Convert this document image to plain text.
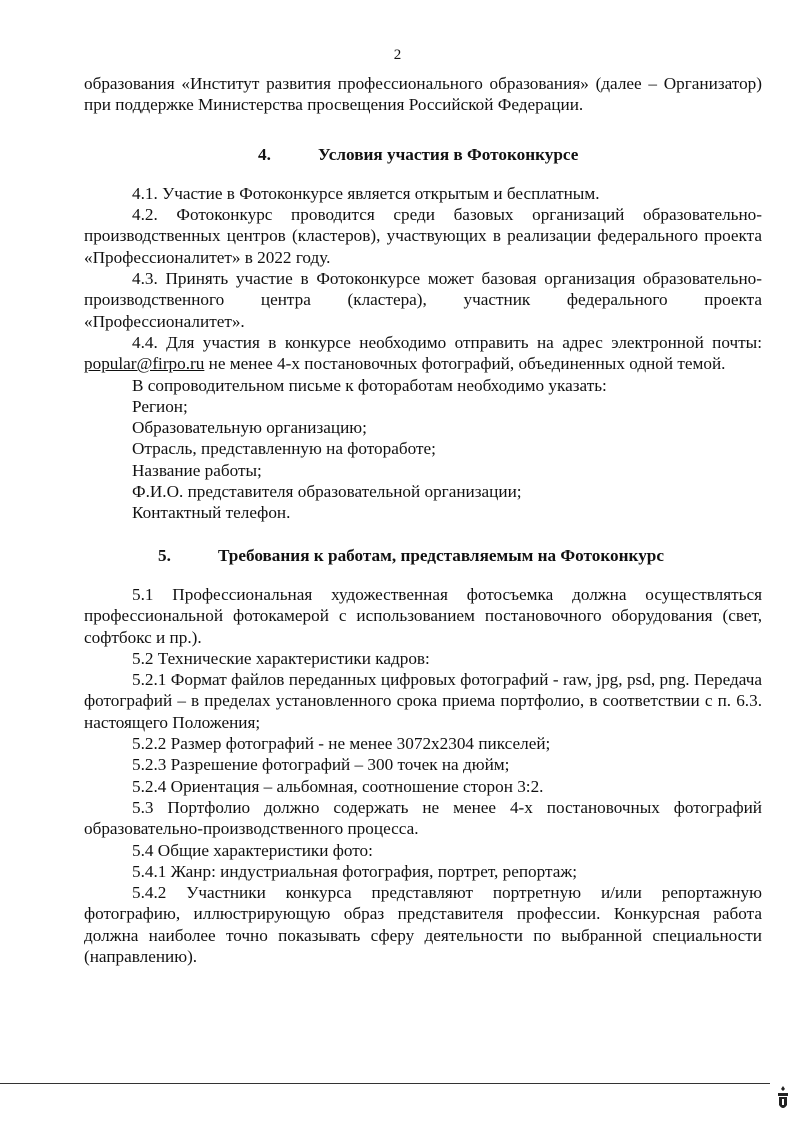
2

образования «Институт развития профессионального образования» (далее – Организатор) при поддержке Министерства просвещения Российской Федерации.

4.	Условия участия в Фотоконкурсе

4.1. Участие в Фотоконкурсе является открытым и бесплатным.

4.2. Фотоконкурс проводится среди базовых организаций образовательно-производственных центров (кластеров), участвующих в реализации федерального проекта «Профессионалитет» в 2022 году.

4.3. Принять участие в Фотоконкурсе может базовая организация образовательно-производственного центра (кластера), участник федерального проекта «Профессионалитет».

4.4. Для участия в конкурсе необходимо отправить на адрес электронной почты: popular@firpo.ru не менее 4-х постановочных фотографий, объединенных одной темой.

В сопроводительном письме к фотоработам необходимо указать:

Регион;
Образовательную организацию;
Отрасль, представленную на фотоработе;
Название работы;
Ф.И.О. представителя образовательной организации;
Контактный телефон.

5.	Требования к работам, представляемым на Фотоконкурс

5.1 Профессиональная художественная фотосъемка должна осуществляться профессиональной фотокамерой с использованием постановочного оборудования (свет, софтбокс и пр.).

5.2 Технические характеристики кадров:

5.2.1 Формат файлов переданных цифровых фотографий - raw, jpg, psd, png. Передача фотографий – в пределах установленного срока приема портфолио, в соответствии с п. 6.3. настоящего Положения;

5.2.2 Размер фотографий - не менее 3072х2304 пикселей;

5.2.3 Разрешение фотографий – 300 точек на дюйм;

5.2.4 Ориентация – альбомная, соотношение сторон 3:2.

5.3 Портфолио должно содержать не менее 4-х постановочных фотографий образовательно-производственного процесса.

5.4 Общие характеристики фото:

5.4.1 Жанр: индустриальная фотография, портрет, репортаж;

5.4.2 Участники конкурса представляют портретную и/или репортажную фотографию, иллюстрирующую образ представителя профессии. Конкурсная работа должна наиболее точно показывать сферу деятельности по выбранной специальности (направлению).
